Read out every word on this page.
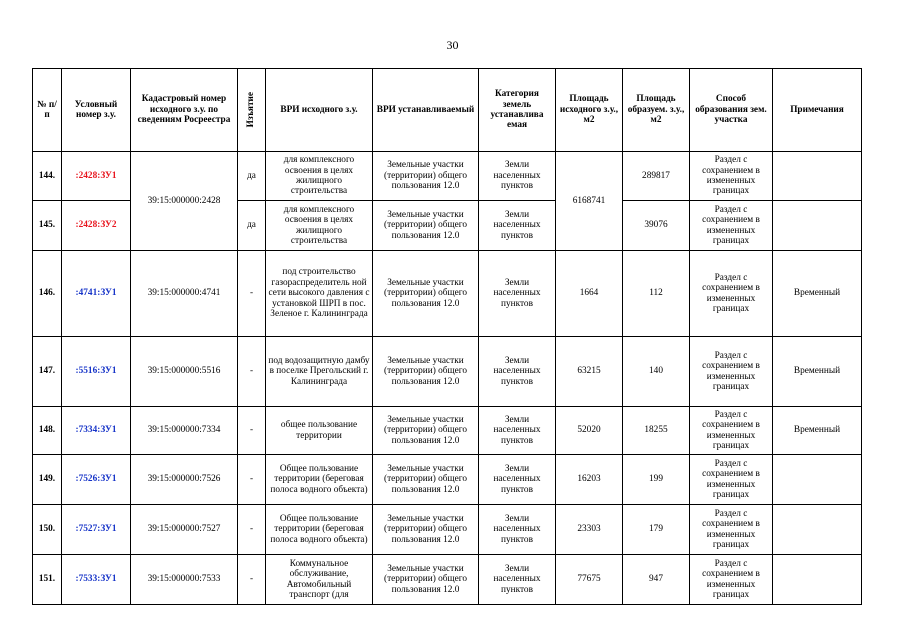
30
№ п/п	Условный номер з.у.	Кадастровый номер исходного з.у. по сведениям Росреестра	Изъятие	ВРИ исходного з.у.	ВРИ устанавливаемый	Категория земель устанавлива емая	Площадь исходного з.у., м2	Площадь образуем. з.у., м2	Способ образования зем. участка	Примечания
144.	:2428:ЗУ1	39:15:000000:2428	да	для комплексного освоения в целях жилищного строительства	Земельные участки (территории) общего пользования 12.0	Земли населенных пунктов	6168741	289817	Раздел с сохранением в измененных границах	
145.	:2428:ЗУ2		да	для комплексного освоения в целях жилищного строительства	Земельные участки (территории) общего пользования 12.0	Земли населенных пунктов		39076	Раздел с сохранением в измененных границах	
146.	:4741:ЗУ1	39:15:000000:4741	-	под строительство газораспределитель ной сети высокого давления с установкой ШРП в пос. Зеленое г. Калининграда	Земельные участки (территории) общего пользования 12.0	Земли населенных пунктов	1664	112	Раздел с сохранением в измененных границах	Временный
147.	:5516:ЗУ1	39:15:000000:5516	-	под водозащитную дамбу в поселке Прегольский г. Калининграда	Земельные участки (территории) общего пользования 12.0	Земли населенных пунктов	63215	140	Раздел с сохранением в измененных границах	Временный
148.	:7334:ЗУ1	39:15:000000:7334	-	общее пользование территории	Земельные участки (территории) общего пользования 12.0	Земли населенных пунктов	52020	18255	Раздел с сохранением в измененных границах	Временный
149.	:7526:ЗУ1	39:15:000000:7526	-	Общее пользование территории (береговая полоса водного объекта)	Земельные участки (территории) общего пользования 12.0	Земли населенных пунктов	16203	199	Раздел с сохранением в измененных границах	
150.	:7527:ЗУ1	39:15:000000:7527	-	Общее пользование территории (береговая полоса водного объекта)	Земельные участки (территории) общего пользования 12.0	Земли населенных пунктов	23303	179	Раздел с сохранением в измененных границах	
151.	:7533:ЗУ1	39:15:000000:7533	-	Коммунальное обслуживание, Автомобильный транспорт (для	Земельные участки (территории) общего пользования 12.0	Земли населенных пунктов	77675	947	Раздел с сохранением в измененных границах	
